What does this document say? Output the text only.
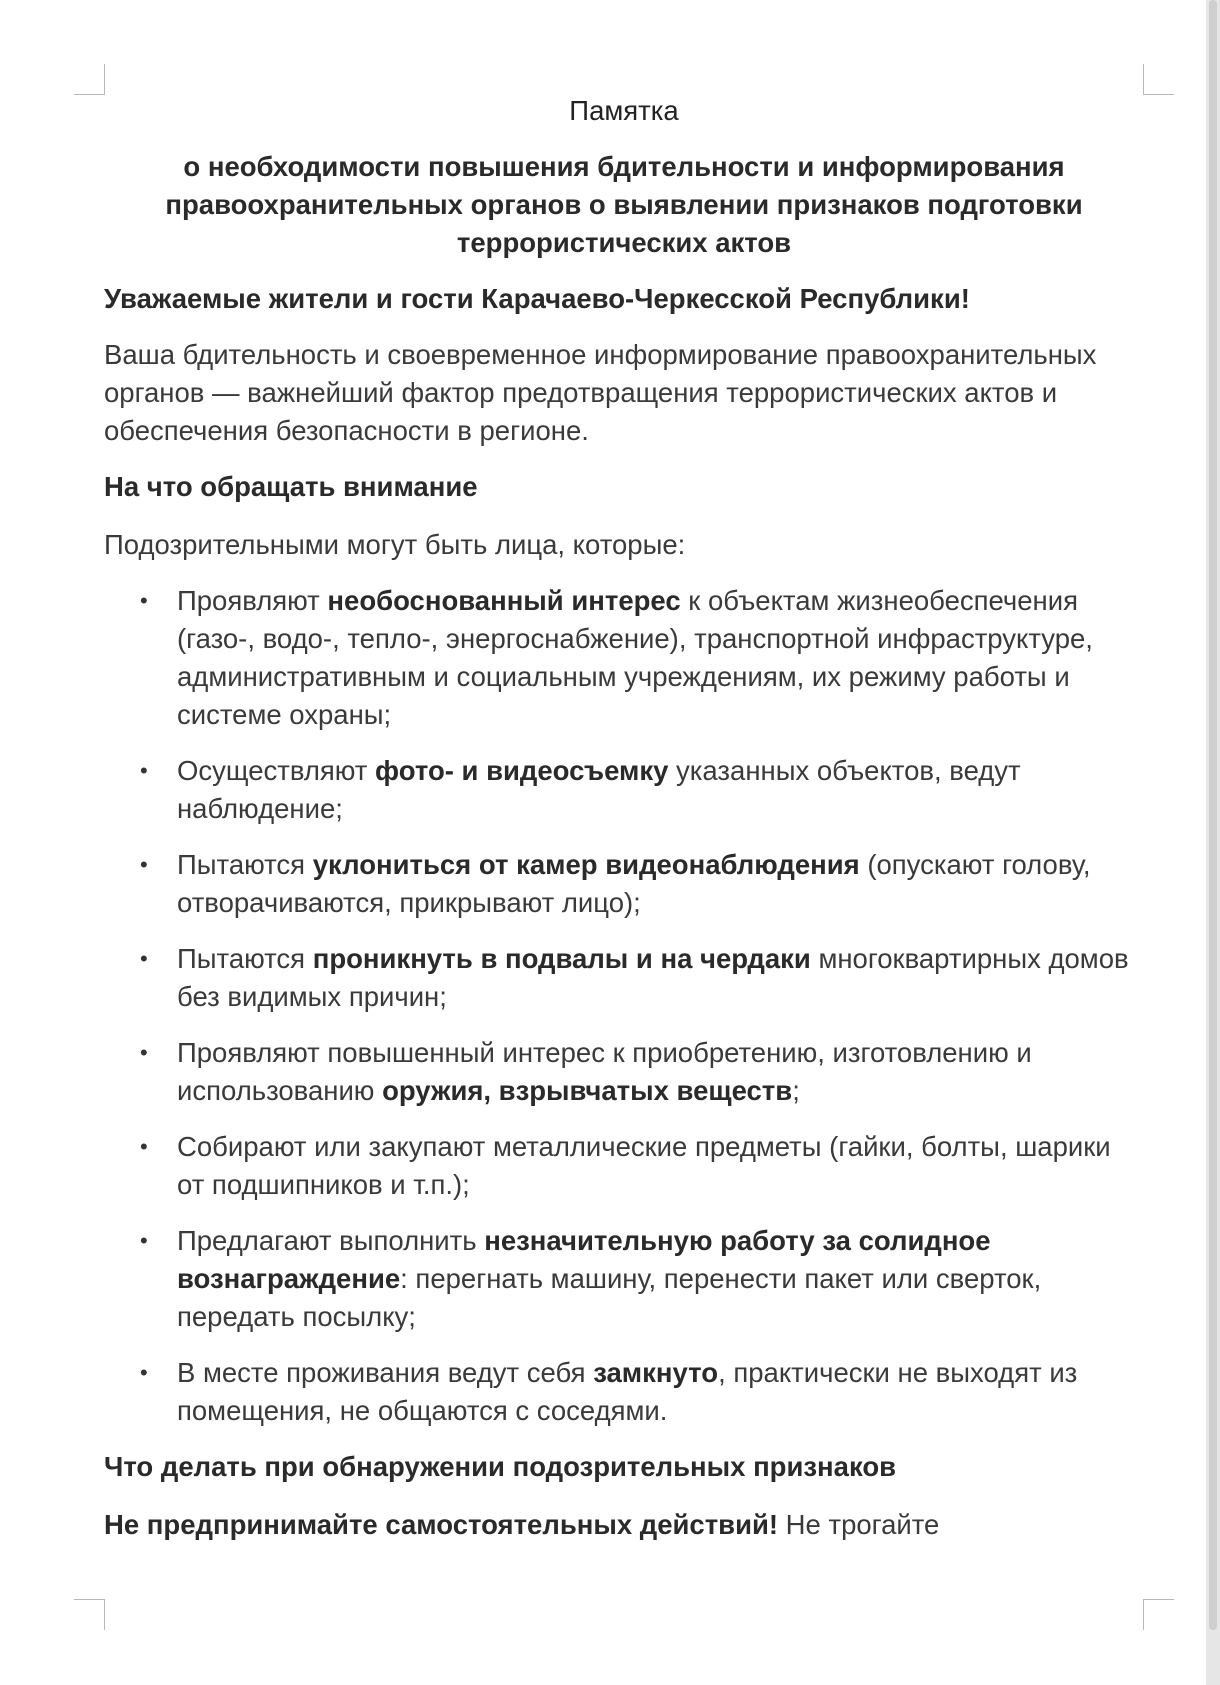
Памятка
о необходимости повышения бдительности и информирования правоохранительных органов о выявлении признаков подготовки террористических актов
Уважаемые жители и гости Карачаево-Черкесской Республики!
Ваша бдительность и своевременное информирование правоохранительных органов — важнейший фактор предотвращения террористических актов и обеспечения безопасности в регионе.
На что обращать внимание
Подозрительными могут быть лица, которые:
• Проявляют необоснованный интерес к объектам жизнеобеспечения (газо-, водо-, тепло-, энергоснабжение), транспортной инфраструктуре, административным и социальным учреждениям, их режиму работы и системе охраны;
• Осуществляют фото- и видеосъемку указанных объектов, ведут наблюдение;
• Пытаются уклониться от камер видеонаблюдения (опускают голову, отворачиваются, прикрывают лицо);
• Пытаются проникнуть в подвалы и на чердаки многоквартирных домов без видимых причин;
• Проявляют повышенный интерес к приобретению, изготовлению и использованию оружия, взрывчатых веществ;
• Собирают или закупают металлические предметы (гайки, болты, шарики от подшипников и т.п.);
• Предлагают выполнить незначительную работу за солидное вознаграждение: перегнать машину, перенести пакет или сверток, передать посылку;
• В месте проживания ведут себя замкнуто, практически не выходят из помещения, не общаются с соседями.
Что делать при обнаружении подозрительных признаков
Не предпринимайте самостоятельных действий! Не трогайте
